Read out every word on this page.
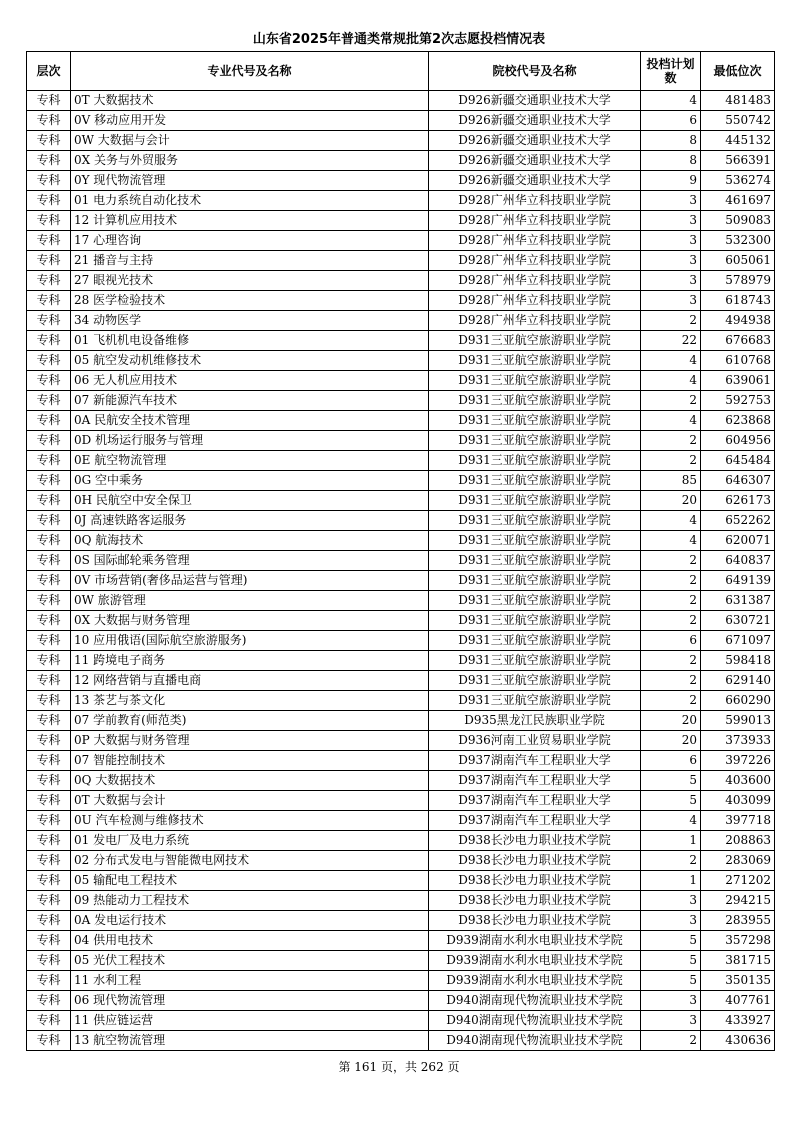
山东省2025年普通类常规批第2次志愿投档情况表
层次	专业代号及名称	院校代号及名称	投档计划数	最低位次
专科	0T 大数据技术	D926新疆交通职业技术大学	4	481483
专科	0V 移动应用开发	D926新疆交通职业技术大学	6	550742
专科	0W 大数据与会计	D926新疆交通职业技术大学	8	445132
专科	0X 关务与外贸服务	D926新疆交通职业技术大学	8	566391
专科	0Y 现代物流管理	D926新疆交通职业技术大学	9	536274
专科	01 电力系统自动化技术	D928广州华立科技职业学院	3	461697
专科	12 计算机应用技术	D928广州华立科技职业学院	3	509083
专科	17 心理咨询	D928广州华立科技职业学院	3	532300
专科	21 播音与主持	D928广州华立科技职业学院	3	605061
专科	27 眼视光技术	D928广州华立科技职业学院	3	578979
专科	28 医学检验技术	D928广州华立科技职业学院	3	618743
专科	34 动物医学	D928广州华立科技职业学院	2	494938
专科	01 飞机机电设备维修	D931三亚航空旅游职业学院	22	676683
专科	05 航空发动机维修技术	D931三亚航空旅游职业学院	4	610768
专科	06 无人机应用技术	D931三亚航空旅游职业学院	4	639061
专科	07 新能源汽车技术	D931三亚航空旅游职业学院	2	592753
专科	0A 民航安全技术管理	D931三亚航空旅游职业学院	4	623868
专科	0D 机场运行服务与管理	D931三亚航空旅游职业学院	2	604956
专科	0E 航空物流管理	D931三亚航空旅游职业学院	2	645484
专科	0G 空中乘务	D931三亚航空旅游职业学院	85	646307
专科	0H 民航空中安全保卫	D931三亚航空旅游职业学院	20	626173
专科	0J 高速铁路客运服务	D931三亚航空旅游职业学院	4	652262
专科	0Q 航海技术	D931三亚航空旅游职业学院	4	620071
专科	0S 国际邮轮乘务管理	D931三亚航空旅游职业学院	2	640837
专科	0V 市场营销(奢侈品运营与管理)	D931三亚航空旅游职业学院	2	649139
专科	0W 旅游管理	D931三亚航空旅游职业学院	2	631387
专科	0X 大数据与财务管理	D931三亚航空旅游职业学院	2	630721
专科	10 应用俄语(国际航空旅游服务)	D931三亚航空旅游职业学院	6	671097
专科	11 跨境电子商务	D931三亚航空旅游职业学院	2	598418
专科	12 网络营销与直播电商	D931三亚航空旅游职业学院	2	629140
专科	13 茶艺与茶文化	D931三亚航空旅游职业学院	2	660290
专科	07 学前教育(师范类)	D935黑龙江民族职业学院	20	599013
专科	0P 大数据与财务管理	D936河南工业贸易职业学院	20	373933
专科	07 智能控制技术	D937湖南汽车工程职业大学	6	397226
专科	0Q 大数据技术	D937湖南汽车工程职业大学	5	403600
专科	0T 大数据与会计	D937湖南汽车工程职业大学	5	403099
专科	0U 汽车检测与维修技术	D937湖南汽车工程职业大学	4	397718
专科	01 发电厂及电力系统	D938长沙电力职业技术学院	1	208863
专科	02 分布式发电与智能微电网技术	D938长沙电力职业技术学院	2	283069
专科	05 输配电工程技术	D938长沙电力职业技术学院	1	271202
专科	09 热能动力工程技术	D938长沙电力职业技术学院	3	294215
专科	0A 发电运行技术	D938长沙电力职业技术学院	3	283955
专科	04 供用电技术	D939湖南水利水电职业技术学院	5	357298
专科	05 光伏工程技术	D939湖南水利水电职业技术学院	5	381715
专科	11 水利工程	D939湖南水利水电职业技术学院	5	350135
专科	06 现代物流管理	D940湖南现代物流职业技术学院	3	407761
专科	11 供应链运营	D940湖南现代物流职业技术学院	3	433927
专科	13 航空物流管理	D940湖南现代物流职业技术学院	2	430636
第 161 页，共 262 页
